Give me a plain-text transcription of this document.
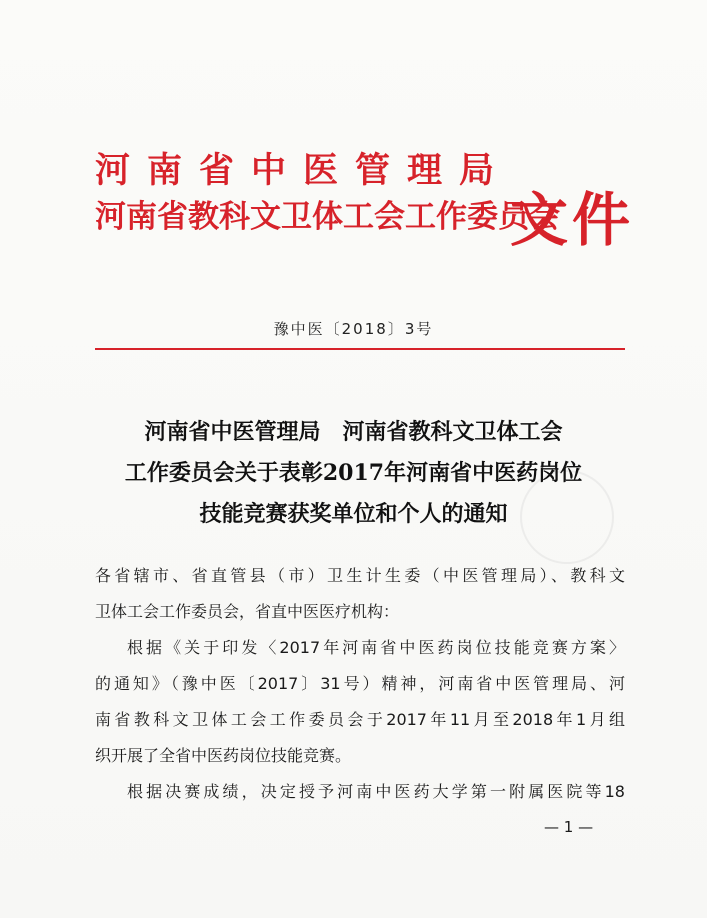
河南省中医管理局
河南省教科文卫体工会工作委员会
文件
豫中医〔2018〕3号
河南省中医管理局　河南省教科文卫体工会
工作委员会关于表彰2017年河南省中医药岗位
技能竞赛获奖单位和个人的通知
各省辖市、省直管县（市）卫生计生委（中医管理局）、教科文
卫体工会工作委员会，省直中医医疗机构：
根据《关于印发〈2017年河南省中医药岗位技能竞赛方案〉
的通知》（豫中医〔2017〕31号）精神，河南省中医管理局、河
南省教科文卫体工会工作委员会于2017年11月至2018年1月组
织开展了全省中医药岗位技能竞赛。
根据决赛成绩，决定授予河南中医药大学第一附属医院等18
— 1 —
